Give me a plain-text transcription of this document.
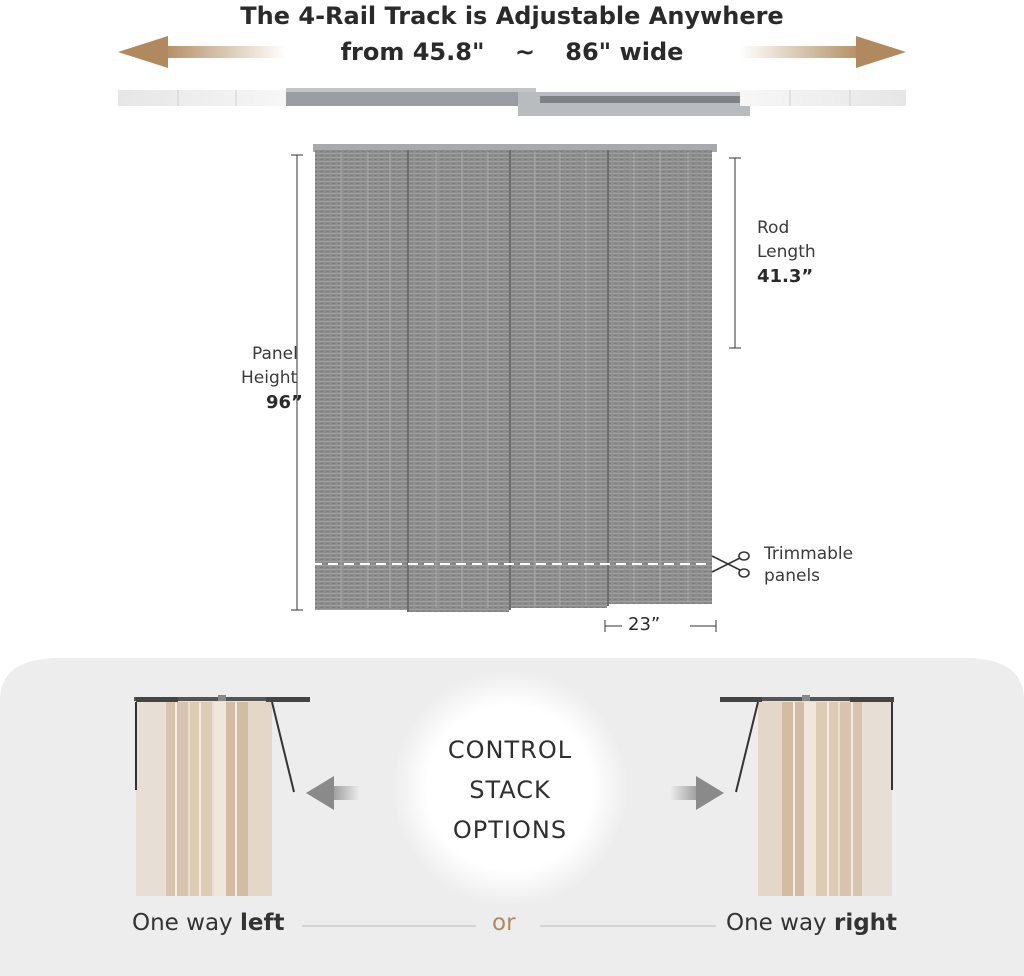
The 4-Rail Track is Adjustable Anywhere
from 45.8" ~ 86" wide
Panel
Height
96”
Rod
Length
41.3”
Trimmable
panels
23”
CONTROL
STACK
OPTIONS
One way left	or	One way right
